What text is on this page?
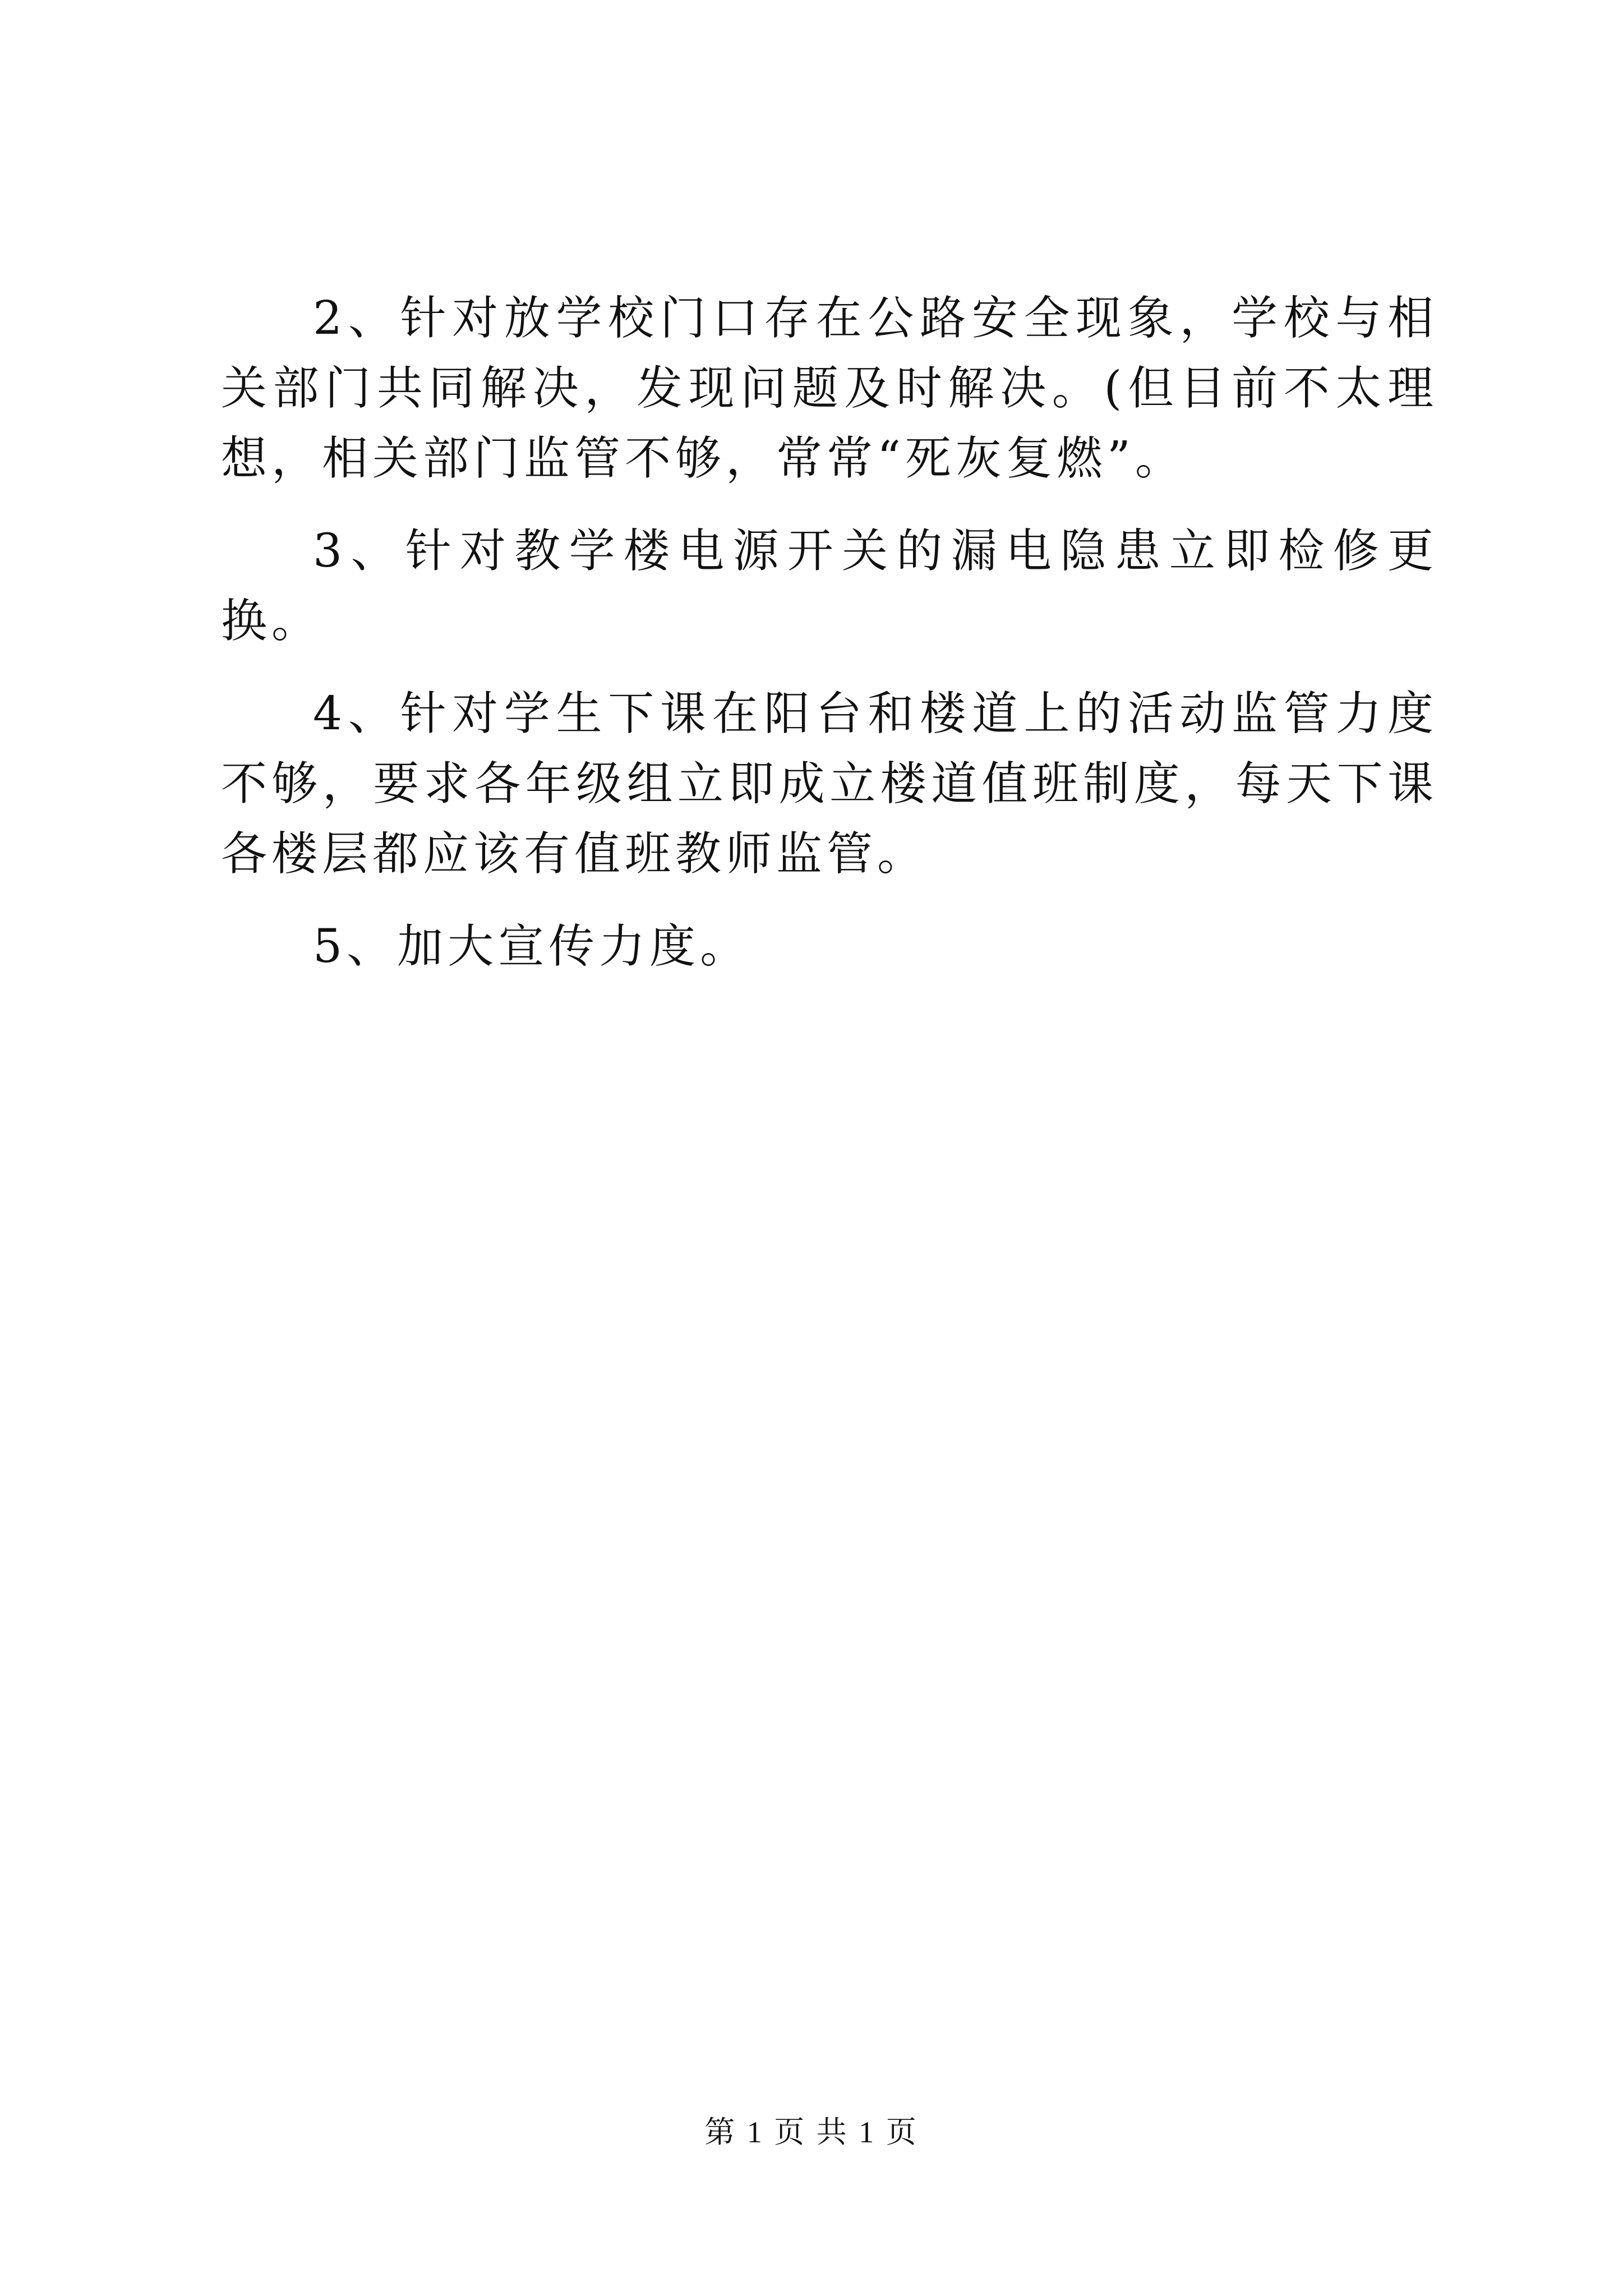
2、针对放学校门口存在公路安全现象，学校与相关部门共同解决，发现问题及时解决。(但目前不太理想，相关部门监管不够，常常“死灰复燃”。

3、针对教学楼电源开关的漏电隐患立即检修更换。

4、针对学生下课在阳台和楼道上的活动监管力度不够，要求各年级组立即成立楼道值班制度，每天下课各楼层都应该有值班教师监管。

5、加大宣传力度。

第 1 页 共 1 页
